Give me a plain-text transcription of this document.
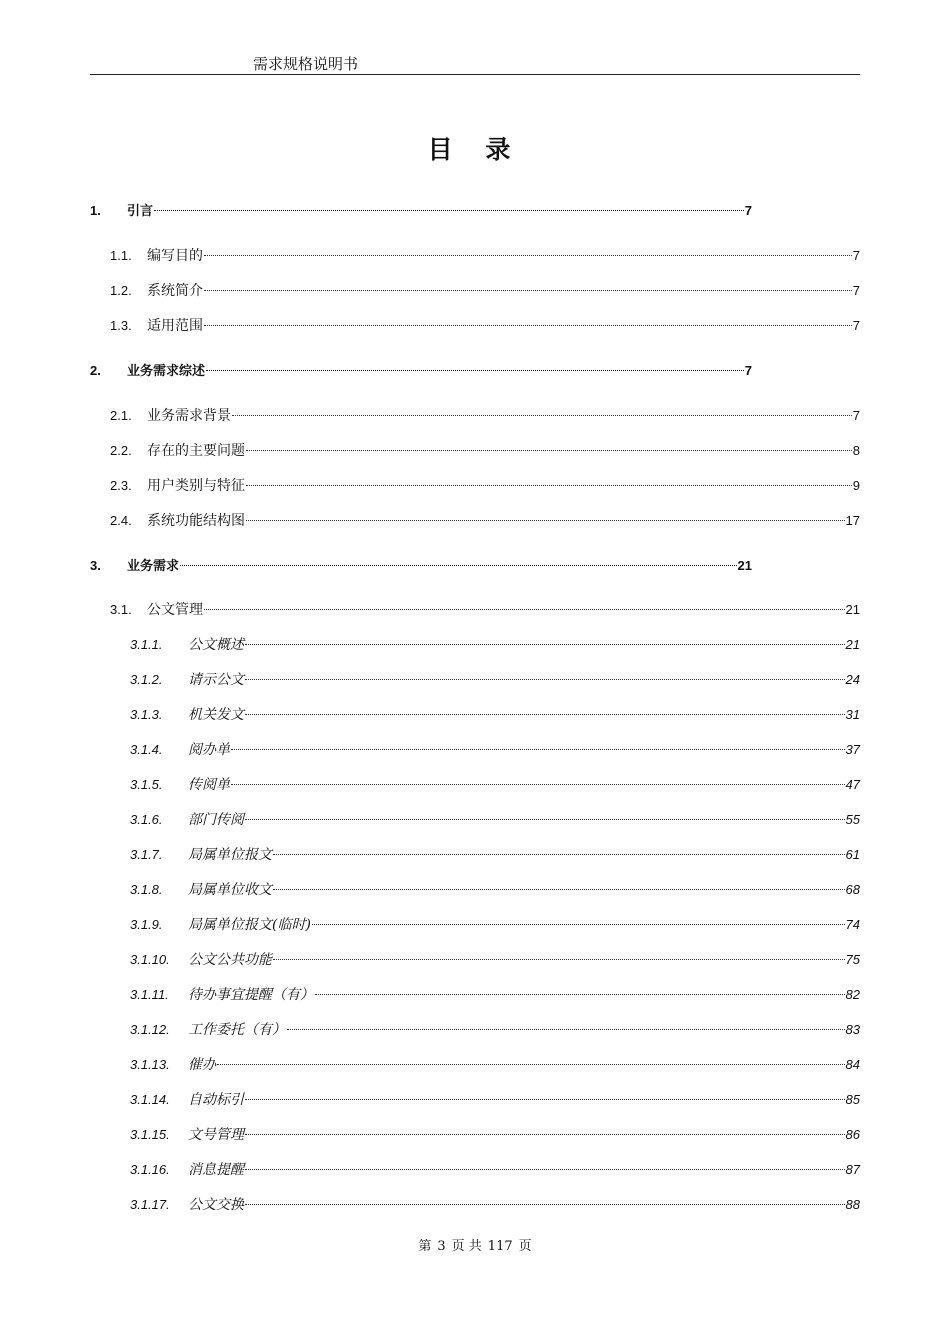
需求规格说明书
目 录
1.	引言	7
1.1.	编写目的	7
1.2.	系统简介	7
1.3.	适用范围	7
2.	业务需求综述	7
2.1.	业务需求背景	7
2.2.	存在的主要问题	8
2.3.	用户类别与特征	9
2.4.	系统功能结构图	17
3.	业务需求	21
3.1.	公文管理	21
3.1.1.	公文概述	21
3.1.2.	请示公文	24
3.1.3.	机关发文	31
3.1.4.	阅办单	37
3.1.5.	传阅单	47
3.1.6.	部门传阅	55
3.1.7.	局属单位报文	61
3.1.8.	局属单位收文	68
3.1.9.	局属单位报文(临时)	74
3.1.10.	公文公共功能	75
3.1.11.	待办事宜提醒（有）	82
3.1.12.	工作委托（有）	83
3.1.13.	催办	84
3.1.14.	自动标引	85
3.1.15.	文号管理	86
3.1.16.	消息提醒	87
3.1.17.	公文交换	88
第 3 页 共 117 页
